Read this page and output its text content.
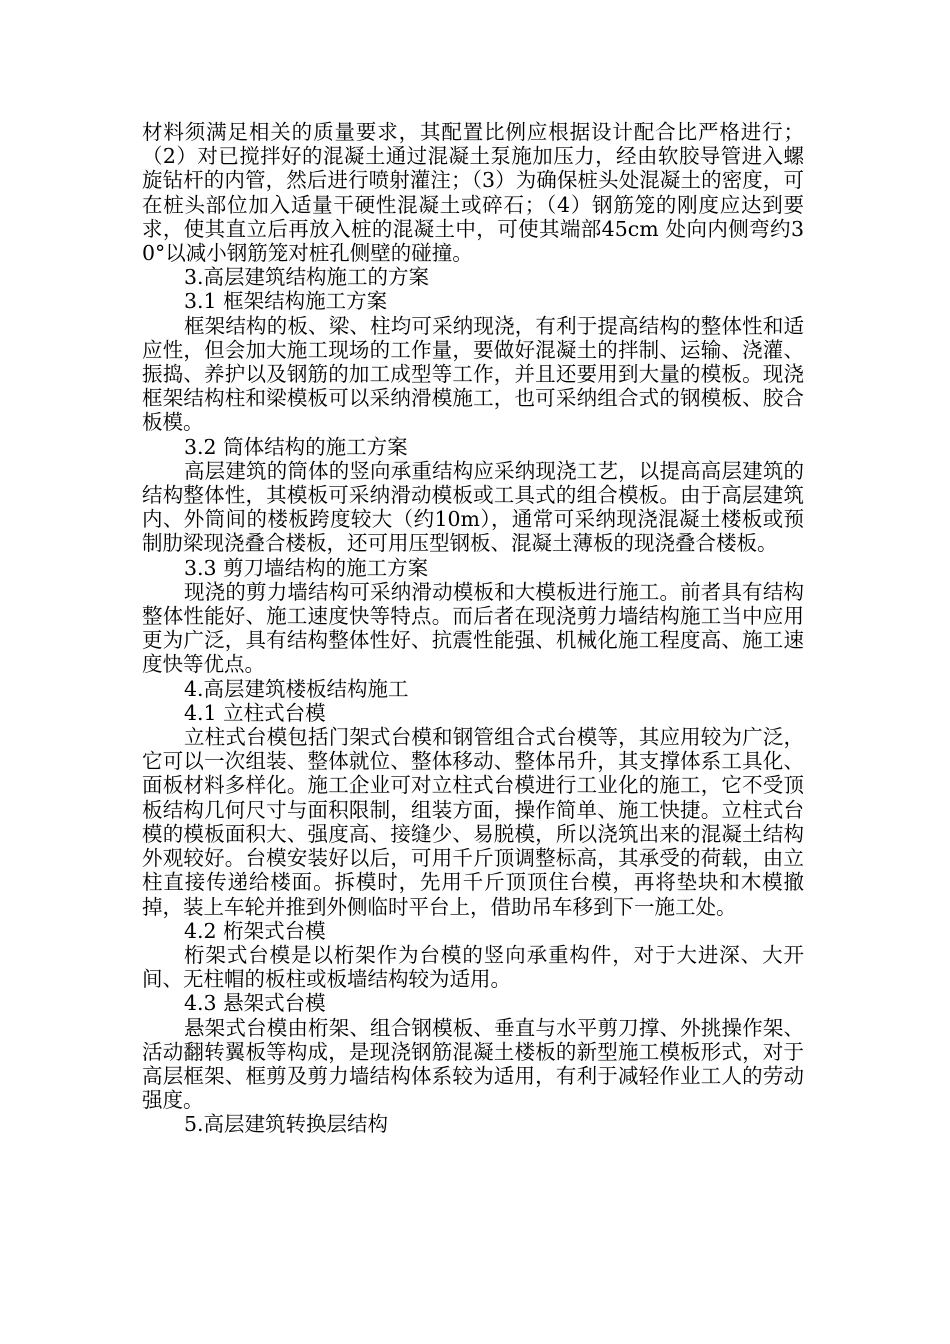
材料须满足相关的质量要求，其配置比例应根据设计配合比严格进行；（2）对已搅拌好的混凝土通过混凝土泵施加压力，经由软胶导管进入螺旋钻杆的内管，然后进行喷射灌注；（3）为确保桩头处混凝土的密度，可在桩头部位加入适量干硬性混凝土或碎石；（4）钢筋笼的刚度应达到要求，使其直立后再放入桩的混凝土中，可使其端部45cm 处向内侧弯约30°以减小钢筋笼对桩孔侧壁的碰撞。

3.高层建筑结构施工的方案

3.1 框架结构施工方案

框架结构的板、梁、柱均可采纳现浇，有利于提高结构的整体性和适应性，但会加大施工现场的工作量，要做好混凝土的拌制、运输、浇灌、振捣、养护以及钢筋的加工成型等工作，并且还要用到大量的模板。现浇框架结构柱和梁模板可以采纳滑模施工，也可采纳组合式的钢模板、胶合板模。

3.2 筒体结构的施工方案

高层建筑的筒体的竖向承重结构应采纳现浇工艺，以提高高层建筑的结构整体性，其模板可采纳滑动模板或工具式的组合模板。由于高层建筑内、外筒间的楼板跨度较大（约10m），通常可采纳现浇混凝土楼板或预制肋梁现浇叠合楼板，还可用压型钢板、混凝土薄板的现浇叠合楼板。

3.3 剪刀墙结构的施工方案

现浇的剪力墙结构可采纳滑动模板和大模板进行施工。前者具有结构整体性能好、施工速度快等特点。而后者在现浇剪力墙结构施工当中应用更为广泛，具有结构整体性好、抗震性能强、机械化施工程度高、施工速度快等优点。

4.高层建筑楼板结构施工

4.1 立柱式台模

立柱式台模包括门架式台模和钢管组合式台模等，其应用较为广泛，它可以一次组装、整体就位、整体移动、整体吊升，其支撑体系工具化、面板材料多样化。施工企业可对立柱式台模进行工业化的施工，它不受顶板结构几何尺寸与面积限制，组装方面，操作简单、施工快捷。立柱式台模的模板面积大、强度高、接缝少、易脱模，所以浇筑出来的混凝土结构外观较好。台模安装好以后，可用千斤顶调整标高，其承受的荷载，由立柱直接传递给楼面。拆模时，先用千斤顶顶住台模，再将垫块和木模撤掉，装上车轮并推到外侧临时平台上，借助吊车移到下一施工处。

4.2 桁架式台模

桁架式台模是以桁架作为台模的竖向承重构件，对于大进深、大开间、无柱帽的板柱或板墙结构较为适用。

4.3 悬架式台模

悬架式台模由桁架、组合钢模板、垂直与水平剪刀撑、外挑操作架、活动翻转翼板等构成，是现浇钢筋混凝土楼板的新型施工模板形式，对于高层框架、框剪及剪力墙结构体系较为适用，有利于减轻作业工人的劳动强度。

5.高层建筑转换层结构
